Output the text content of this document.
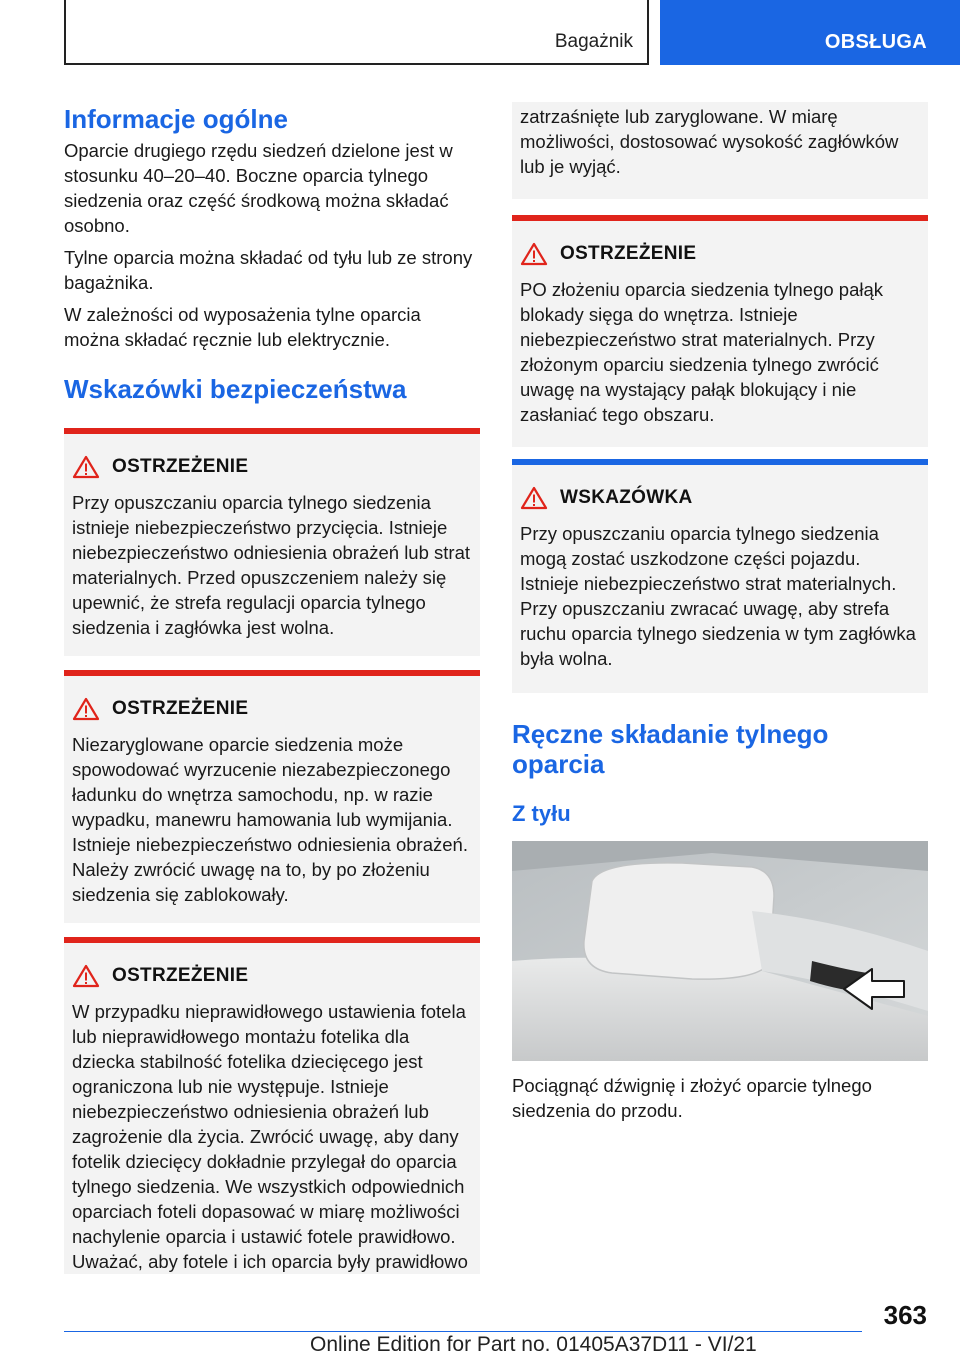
Bagażnik	OBSŁUGA
Informacje ogólne

Oparcie drugiego rzędu siedzeń dzielone jest w stosunku 40–20–40. Boczne oparcia tylnego siedzenia oraz część środkową można składać osobno.

Tylne oparcia można składać od tyłu lub ze strony bagażnika.

W zależności od wyposażenia tylne oparcia można składać ręcznie lub elektrycznie.

Wskazówki bezpieczeństwa
OSTRZEŻENIE

Przy opuszczaniu oparcia tylnego siedzenia istnieje niebezpieczeństwo przycięcia. Istnieje niebezpieczeństwo odniesienia obrażeń lub strat materialnych. Przed opuszczeniem należy się upewnić, że strefa regulacji oparcia tylnego siedzenia i zagłówka jest wolna.

OSTRZEŻENIE

Niezaryglowane oparcie siedzenia może spowodować wyrzucenie niezabezpieczonego ładunku do wnętrza samochodu, np. w razie wypadku, manewru hamowania lub wymijania. Istnieje niebezpieczeństwo odniesienia obrażeń. Należy zwrócić uwagę na to, by po złożeniu siedzenia się zablokowały.

OSTRZEŻENIE

W przypadku nieprawidłowego ustawienia fotela lub nieprawidłowego montażu fotelika dla dziecka stabilność fotelika dziecięcego jest ograniczona lub nie występuje. Istnieje niebezpieczeństwo odniesienia obrażeń lub zagrożenie dla życia. Zwrócić uwagę, aby dany fotelik dziecięcy dokładnie przylegał do oparcia tylnego siedzenia. We wszystkich odpowiednich oparciach foteli dopasować w miarę możliwości nachylenie oparcia i ustawić fotele prawidłowo. Uważać, aby fotele i ich oparcia były prawidłowo

zatrzaśnięte lub zaryglowane. W miarę możliwości, dostosować wysokość zagłówków lub je wyjąć.

OSTRZEŻENIE

PO złożeniu oparcia siedzenia tylnego pałąk blokady sięga do wnętrza. Istnieje niebezpieczeństwo strat materialnych. Przy złożonym oparciu siedzenia tylnego zwrócić uwagę na wystający pałąk blokujący i nie zasłaniać tego obszaru.

WSKAZÓWKA

Przy opuszczaniu oparcia tylnego siedzenia mogą zostać uszkodzone części pojazdu. Istnieje niebezpieczeństwo strat materialnych. Przy opuszczaniu zwracać uwagę, aby strefa ruchu oparcia tylnego siedzenia w tym zagłówka była wolna.

Ręczne składanie tylnego oparcia
Z tyłu

Pociągnąć dźwignię i złożyć oparcie tylnego siedzenia do przodu.

363
Online Edition for Part no. 01405A37D11 - VI/21
